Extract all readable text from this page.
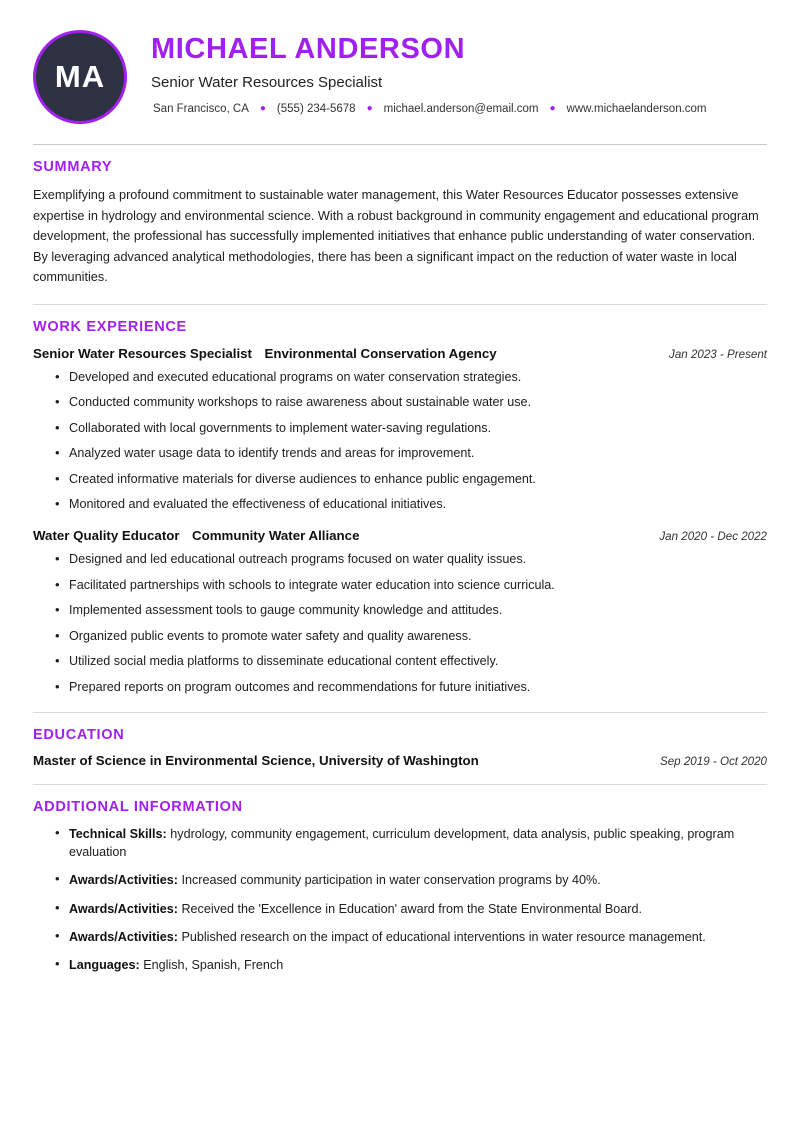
MA
MICHAEL ANDERSON
Senior Water Resources Specialist
San Francisco, CA ● (555) 234-5678 ● michael.anderson@email.com ● www.michaelanderson.com
SUMMARY

Exemplifying a profound commitment to sustainable water management, this Water Resources Educator possesses extensive expertise in hydrology and environmental science. With a robust background in community engagement and educational program development, the professional has successfully implemented initiatives that enhance public understanding of water conservation. By leveraging advanced analytical methodologies, there has been a significant impact on the reduction of water waste in local communities.

WORK EXPERIENCE
Senior Water Resources Specialist Environmental Conservation Agency	Jan 2023 - Present
• Developed and executed educational programs on water conservation strategies.
• Conducted community workshops to raise awareness about sustainable water use.
• Collaborated with local governments to implement water-saving regulations.
• Analyzed water usage data to identify trends and areas for improvement.
• Created informative materials for diverse audiences to enhance public engagement.
• Monitored and evaluated the effectiveness of educational initiatives.
Water Quality Educator Community Water Alliance	Jan 2020 - Dec 2022
• Designed and led educational outreach programs focused on water quality issues.
• Facilitated partnerships with schools to integrate water education into science curricula.
• Implemented assessment tools to gauge community knowledge and attitudes.
• Organized public events to promote water safety and quality awareness.
• Utilized social media platforms to disseminate educational content effectively.
• Prepared reports on program outcomes and recommendations for future initiatives.
EDUCATION
Master of Science in Environmental Science, University of Washington	Sep 2019 - Oct 2020
ADDITIONAL INFORMATION
• Technical Skills: hydrology, community engagement, curriculum development, data analysis, public speaking, program evaluation
• Awards/Activities: Increased community participation in water conservation programs by 40%.
• Awards/Activities: Received the 'Excellence in Education' award from the State Environmental Board.
• Awards/Activities: Published research on the impact of educational interventions in water resource management.
• Languages: English, Spanish, French
